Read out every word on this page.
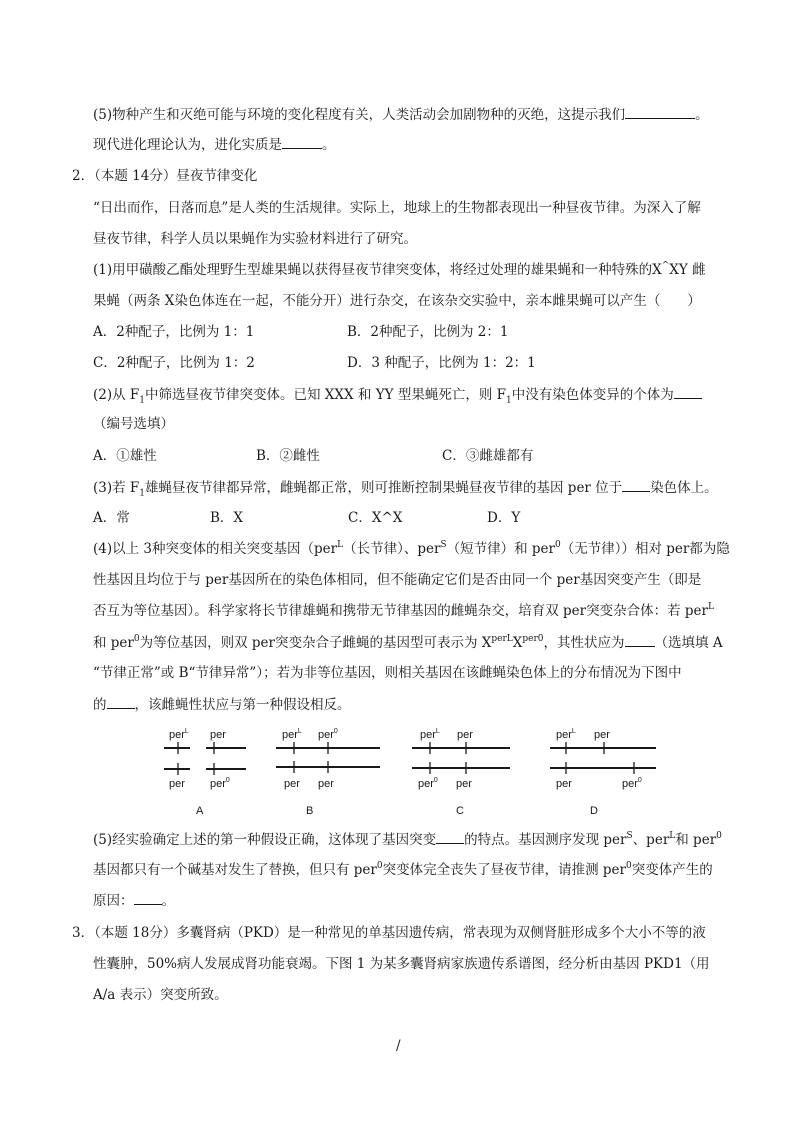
(5)物种产生和灭绝可能与环境的变化程度有关，人类活动会加剧物种的灭绝，这提示我们	。
现代进化理论认为，进化实质是	。
2．（本题 14分）昼夜节律变化
“日出而作，日落而息”是人类的生活规律。实际上，地球上的生物都表现出一种昼夜节律。为深入了解
昼夜节律，科学人员以果蝇作为实验材料进行了研究。
(1)用甲磺酸乙酯处理野生型雄果蝇以获得昼夜节律突变体，将经过处理的雄果蝇和一种特殊的X^XY 雌
果蝇（两条 X染色体连在一起，不能分开）进行杂交，在该杂交实验中，亲本雌果蝇可以产生（　　）
A．2种配子，比例为 1：1	B．2种配子，比例为 2：1
C．2种配子，比例为 1：2	D．3 种配子，比例为 1：2：1
(2)从 $F_1$中筛选昼夜节律突变体。已知 XXX 和 YY 型果蝇死亡，则 $F_1$中没有染色体变异的个体为
（编号选填）
A．①雄性	B．②雌性	C．③雌雄都有
(3)若 $F_1$雄蝇昼夜节律都异常，雌蝇都正常，则可推断控制果蝇昼夜节律的基因 per 位于 染色体上。
A．常	B．X	C．X^X	D．Y
(4)以上 3种突变体的相关突变基因（per$^L$（长节律）、per$^S$（短节律）和 per$^0$（无节律））相对 per都为隐
性基因且均位于与 per基因所在的染色体相同，但不能确定它们是否由同一个 per基因突变产生（即是
否互为等位基因）。科学家将长节律雄蝇和携带无节律基因的雌蝇杂交，培育双 per突变杂合体：若 per$^L$
和 per$^0$为等位基因，则双 per突变杂合子雌蝇的基因型可表示为 $X^{perL}X^{per0}$，其性状应为 （选填填 A
“节律正常”或 B“节律异常”）；若为非等位基因，则相关基因在该雌蝇染色体上的分布情况为下图中
的 ，该雌蝇性状应与第一种假设相反。
per$^L$ per
per per$^0$
A
per$^L$ per$^0$
per per
B
per$^L$ per
per$^0$ per
C
per$^L$ per
per	per$^0$
D
(5)经实验确定上述的第一种假设正确，这体现了基因突变 的特点。基因测序发现 per$^S$、per$^L$和 per$^0$
基因都只有一个碱基对发生了替换，但只有 per$^0$突变体完全丧失了昼夜节律，请推测 per$^0$突变体产生的
原因： 。
3．（本题 18分）多囊肾病（PKD）是一种常见的单基因遗传病，常表现为双侧肾脏形成多个大小不等的液
性囊肿，50%病人发展成肾功能衰竭。下图 1 为某多囊肾病家族遗传系谱图，经分析由基因 PKD1（用
A/a 表示）突变所致。
/
